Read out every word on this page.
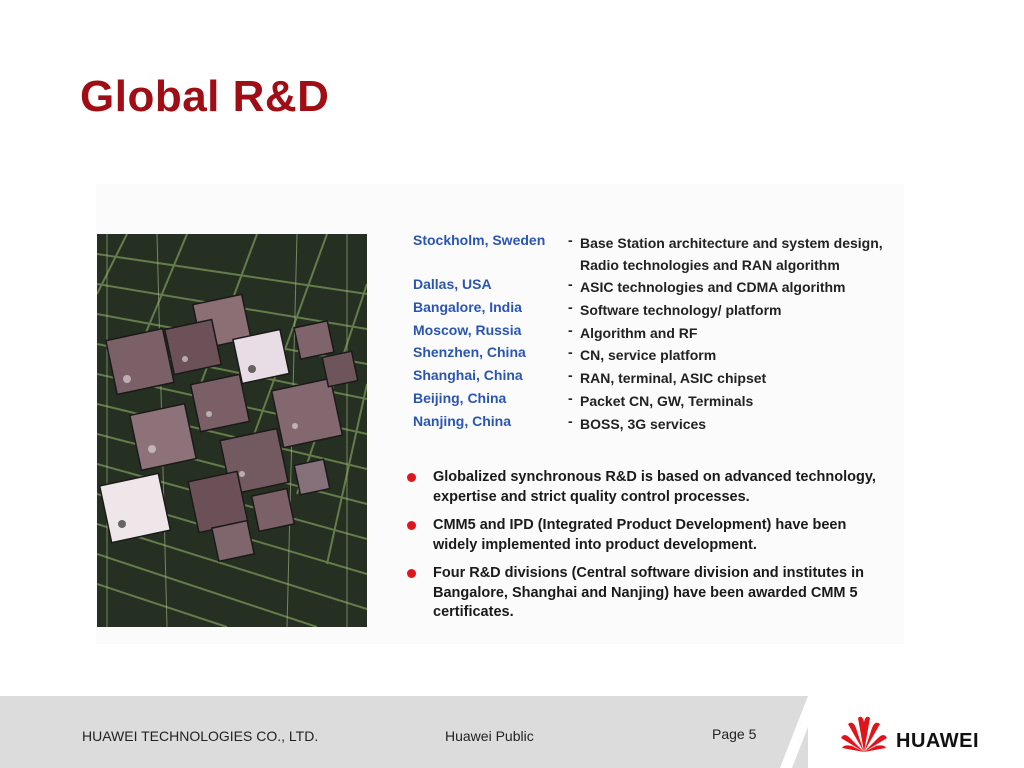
Global R&D
Stockholm, Sweden - Base Station architecture and system design, Radio technologies and RAN algorithm
Dallas, USA	- ASIC technologies and CDMA algorithm
Bangalore, India	- Software technology/ platform
Moscow, Russia	- Algorithm and RF
Shenzhen, China	- CN, service platform
Shanghai, China	- RAN, terminal, ASIC chipset
Beijing, China	- Packet CN, GW, Terminals
Nanjing, China	- BOSS, 3G services
Globalized synchronous R&D is based on advanced technology, expertise and strict quality control processes.
CMM5 and IPD (Integrated Product Development) have been widely implemented into product development.
Four R&D divisions (Central software division and institutes in Bangalore, Shanghai and Nanjing) have been awarded CMM 5 certificates.
HUAWEI TECHNOLOGIES CO., LTD.	Huawei Public	Page 5	HUAWEI
